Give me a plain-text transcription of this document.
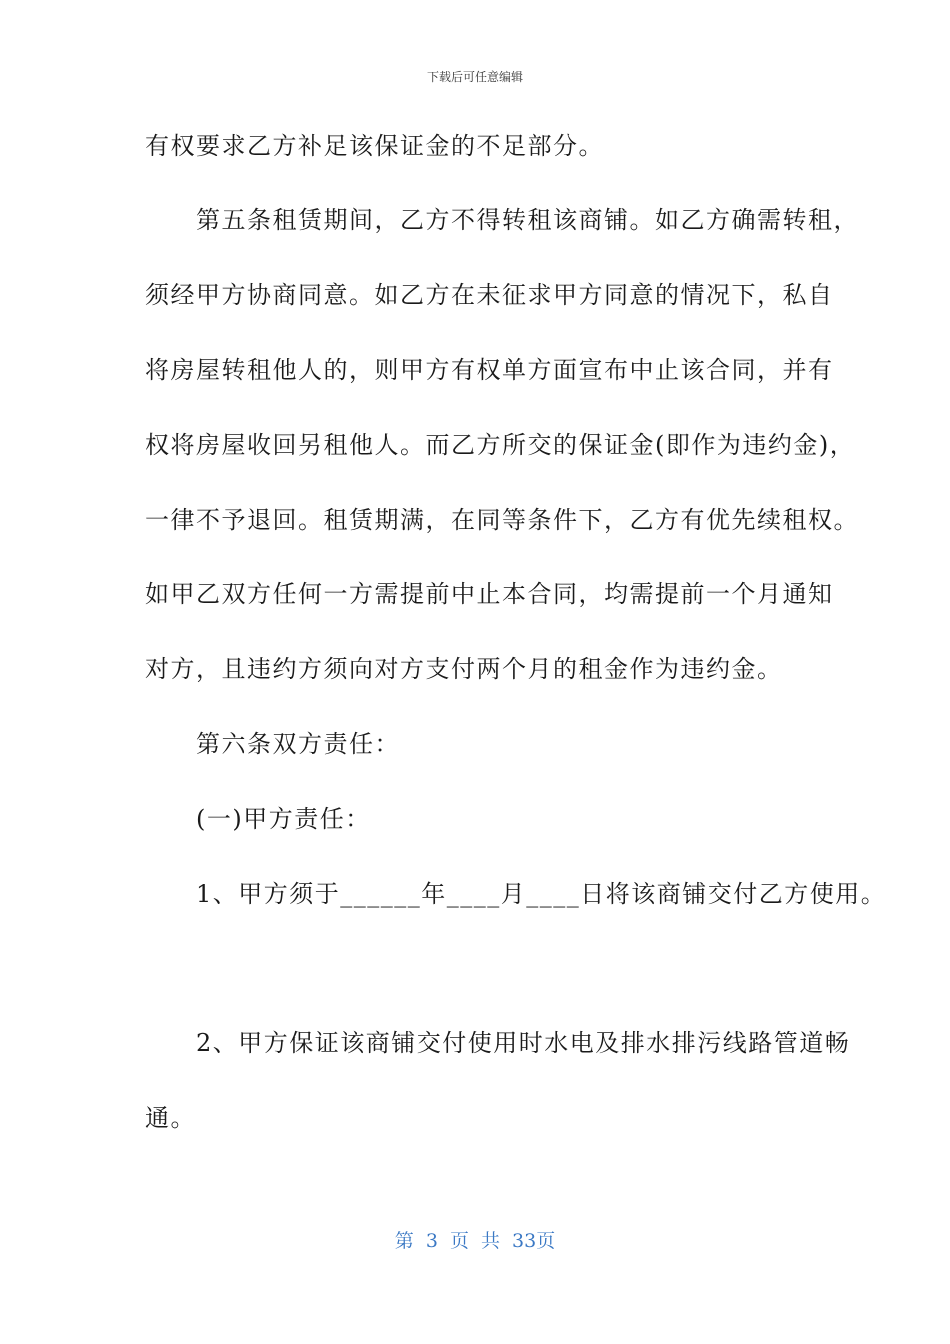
下载后可任意编辑
有权要求乙方补足该保证金的不足部分。
　　第五条租赁期间，乙方不得转租该商铺。如乙方确需转租，
须经甲方协商同意。如乙方在未征求甲方同意的情况下，私自
将房屋转租他人的，则甲方有权单方面宣布中止该合同，并有
权将房屋收回另租他人。而乙方所交的保证金(即作为违约金)，
一律不予退回。租赁期满，在同等条件下，乙方有优先续租权。
如甲乙双方任何一方需提前中止本合同，均需提前一个月通知
对方，且违约方须向对方支付两个月的租金作为违约金。
　　第六条双方责任：
　　(一)甲方责任：
　　1、甲方须于______年____月____日将该商铺交付乙方使用。
　　2、甲方保证该商铺交付使用时水电及排水排污线路管道畅
通。
第 3 页 共 33页
